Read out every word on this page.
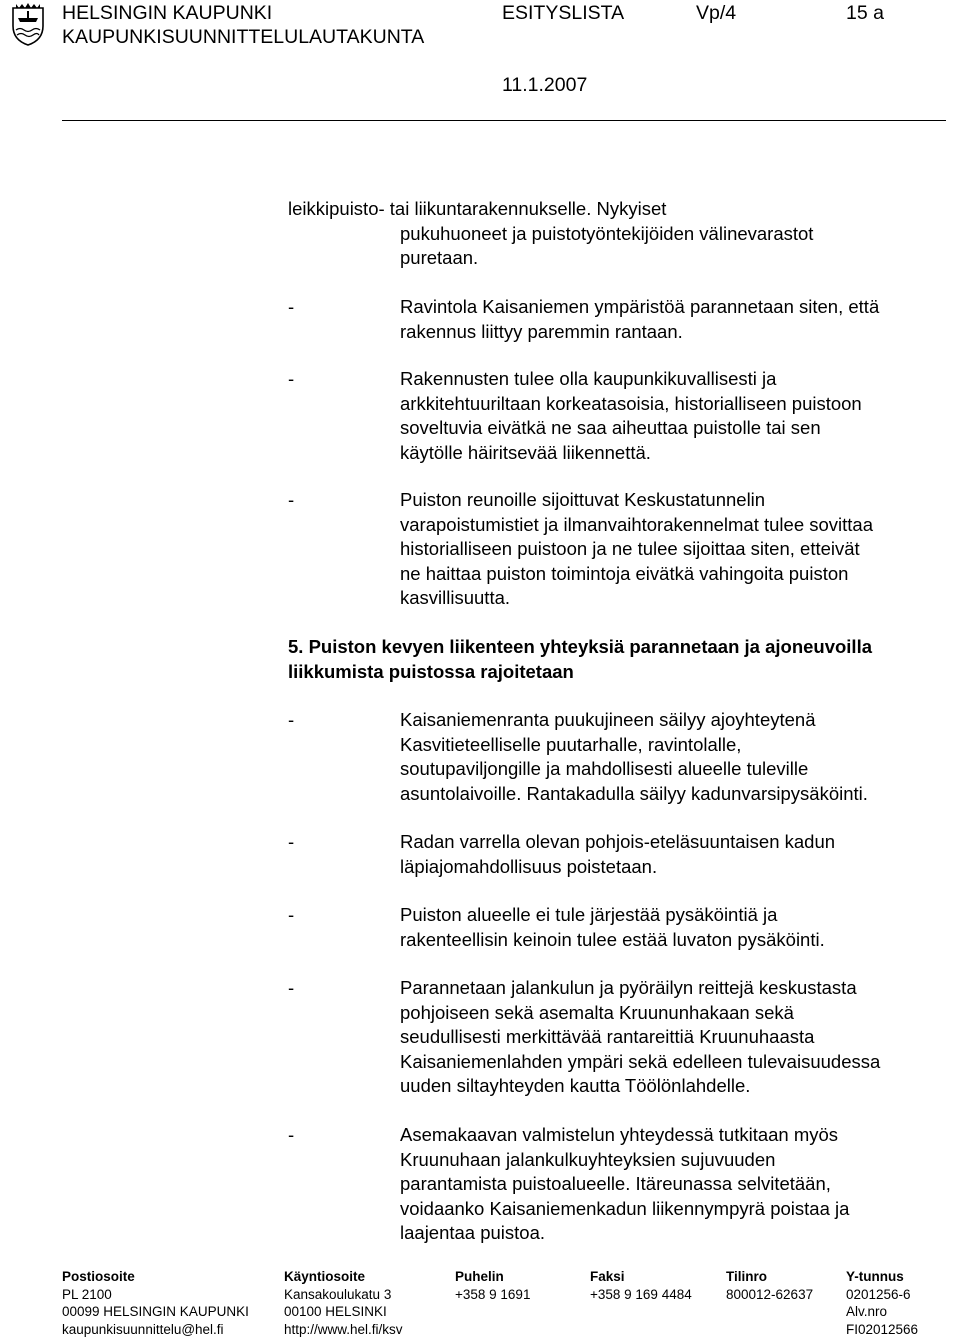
HELSINGIN KAUPUNKI
KAUPUNKISUUNNITTELULAUTAKUNTA
ESITYSLISTA	Vp/4	15 a
11.1.2007
leikkipuisto- tai liikuntarakennukselle. Nykyiset
pukuhuoneet ja puistotyöntekijöiden välinevarastot
puretaan.
-	Ravintola Kaisaniemen ympäristöä parannetaan siten, että
rakennus liittyy paremmin rantaan.
-	Rakennusten tulee olla kaupunkikuvallisesti ja
arkkitehtuuriltaan korkeatasoisia, historialliseen puistoon
soveltuvia eivätkä ne saa aiheuttaa puistolle tai sen
käytölle häiritsevää liikennettä.
-	Puiston reunoille sijoittuvat Keskustatunnelin
varapoistumistiet ja ilmanvaihtorakennelmat tulee sovittaa
historialliseen puistoon ja ne tulee sijoittaa siten, etteivät
ne haittaa puiston toimintoja eivätkä vahingoita puiston
kasvillisuutta.
5. Puiston kevyen liikenteen yhteyksiä parannetaan ja ajoneuvoilla
liikkumista puistossa rajoitetaan
-	Kaisaniemenranta puukujineen säilyy ajoyhteytenä
Kasvitieteelliselle puutarhalle, ravintolalle,
soutupaviljongille ja mahdollisesti alueelle tuleville
asuntolaivoille. Rantakadulla säilyy kadunvarsipysäköinti.
-	Radan varrella olevan pohjois-eteläsuuntaisen kadun
läpiajomahdollisuus poistetaan.
-	Puiston alueelle ei tule järjestää pysäköintiä ja
rakenteellisin keinoin tulee estää luvaton pysäköinti.
-	Parannetaan jalankulun ja pyöräilyn reittejä keskustasta
pohjoiseen sekä asemalta Kruununhakaan sekä
seudullisesti merkittävää rantareittiä Kruunuhaasta
Kaisaniemenlahden ympäri sekä edelleen tulevaisuudessa
uuden siltayhteyden kautta Töölönlahdelle.
-	Asemakaavan valmistelun yhteydessä tutkitaan myös
Kruunuhaan jalankulkuyhteyksien sujuvuuden
parantamista puistoalueelle. Itäreunassa selvitetään,
voidaanko Kaisaniemenkadun liikennympyrä poistaa ja
laajentaa puistoa.
Postiosoite
PL 2100
00099 HELSINGIN KAUPUNKI
kaupunkisuunnittelu@hel.fi
Käyntiosoite
Kansakoulukatu 3
00100 HELSINKI
http://www.hel.fi/ksv
Puhelin
+358 9 1691
Faksi
+358 9 169 4484
Tilinro
800012-62637
Y-tunnus
0201256-6
Alv.nro
FI02012566
